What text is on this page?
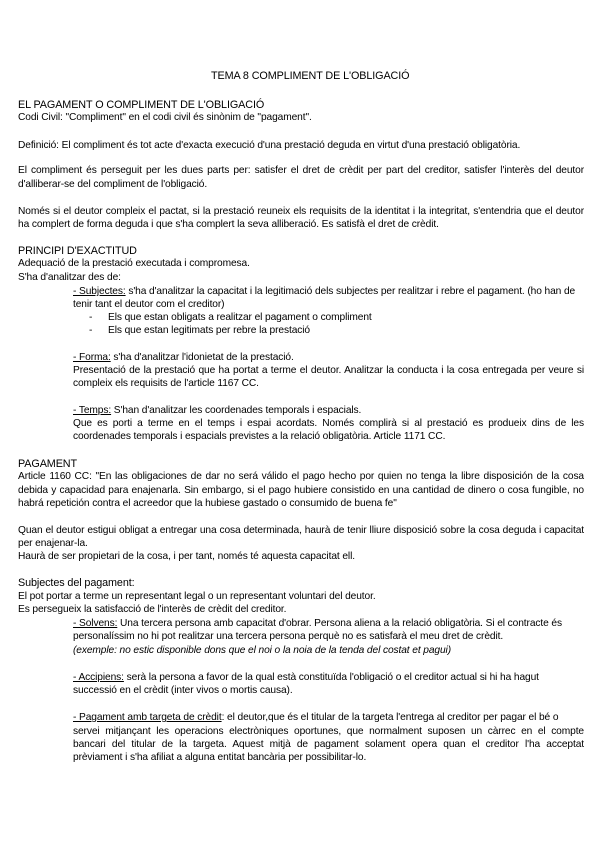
TEMA 8 COMPLIMENT DE L'OBLIGACIÓ
EL PAGAMENT O COMPLIMENT DE L'OBLIGACIÓ
Codi Civil: "Compliment" en el codi civil és sinònim de "pagament".
Definició: El compliment és tot acte d'exacta execució d'una prestació deguda en virtut d'una prestació obligatòria.
El compliment és perseguit per les dues parts per: satisfer el dret de crèdit per part del creditor, satisfer l'interès del deutor
d'alliberar-se del compliment de l'obligació.
Només si el deutor compleix el pactat, si la prestació reuneix els requisits de la identitat i la integritat, s'entendria que el deutor
ha complert de forma deguda i que s'ha complert la seva alliberació. Es satisfà el dret de crèdit.
PRINCIPI D'EXACTITUD
Adequació de la prestació executada i compromesa.
S'ha d'analitzar des de:
- Subjectes: s'ha d'analitzar la capacitat i la legitimació dels subjectes per realitzar i rebre el pagament. (ho han de
tenir tant el deutor com el creditor)
- Els que estan obligats a realitzar el pagament o compliment
- Els que estan legitimats per rebre la prestació
- Forma: s'ha d'analitzar l'idonietat de la prestació.
Presentació de la prestació que ha portat a terme el deutor. Analitzar la conducta i la cosa entregada per veure si
compleix els requisits de l'article 1167 CC.
- Temps: S'han d'analitzar les coordenades temporals i espacials.
Que es porti a terme en el temps i espai acordats. Només complirà si al prestació es produeix dins de les
coordenades temporals i espacials previstes a la relació obligatòria. Article 1171 CC.
PAGAMENT
Article 1160 CC: "En las obligaciones de dar no será válido el pago hecho por quien no tenga la libre disposición de la cosa
debida y capacidad para enajenarla. Sin embargo, si el pago hubiere consistido en una cantidad de dinero o cosa fungible, no
habrá repetición contra el acreedor que la hubiese gastado o consumido de buena fe"
Quan el deutor estigui obligat a entregar una cosa determinada, haurà de tenir lliure disposició sobre la cosa deguda i capacitat
per enajenar-la.
Haurà de ser propietari de la cosa, i per tant, només té aquesta capacitat ell.
Subjectes del pagament:
El pot portar a terme un representant legal o un representant voluntari del deutor.
Es persegueix la satisfacció de l'interès de crèdit del creditor.
- Solvens: Una tercera persona amb capacitat d'obrar. Persona aliena a la relació obligatòria. Si el contracte és
personalíssim no hi pot realitzar una tercera persona perquè no es satisfarà el meu dret de crèdit.
(exemple: no estic disponible dons que el noi o la noia de la tenda del costat et pagui)
- Accipiens: serà la persona a favor de la qual està constituïda l'obligació o el creditor actual si hi ha hagut
successió en el crèdit (inter vivos o mortis causa).
- Pagament amb targeta de crèdit: el deutor,que és el titular de la targeta l'entrega al creditor per pagar el bé o
servei mitjançant les operacions electròniques oportunes, que normalment suposen un càrrec en el compte
bancari del titular de la targeta. Aquest mitjà de pagament solament opera quan el creditor l'ha acceptat
prèviament i s'ha afiliat a alguna entitat bancària per possibilitar-lo.
